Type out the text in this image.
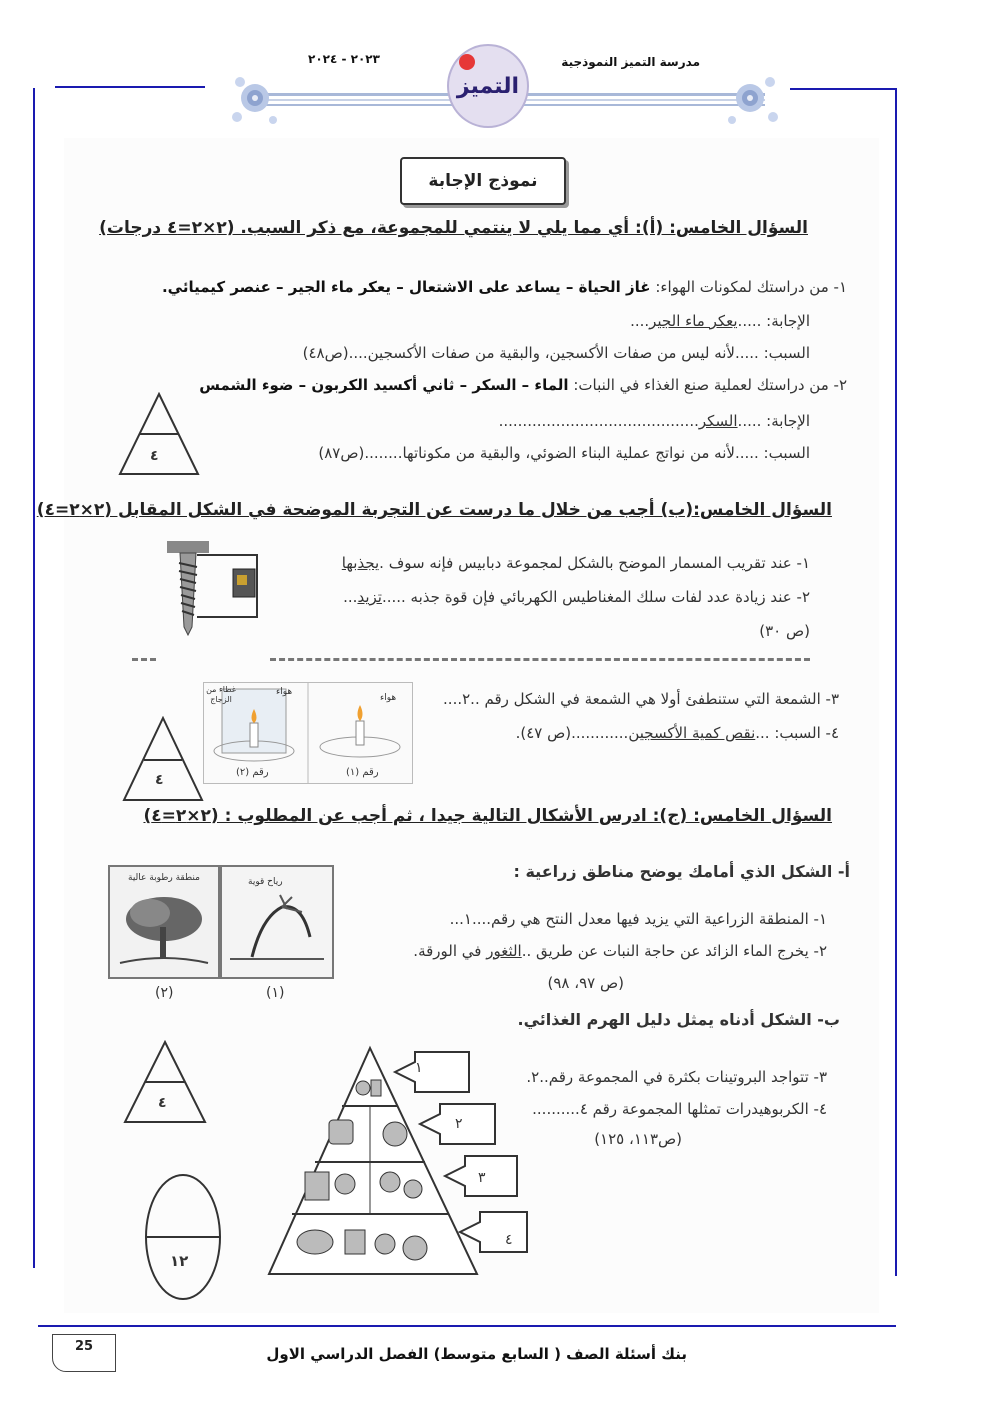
التميز
مدرسة التميز النموذجية
٢٠٢٣ - ٢٠٢٤
نموذج الإجابة
السؤال الخامس: (أ): أي مما يلي لا ينتمي للمجموعة، مع ذكر السبب. (٢×٢=٤ درجات)
١- من دراستك لمكونات الهواء: غاز الحياة – يساعد على الاشتعال – يعكر ماء الجير – عنصر كيميائي.
الإجابة: .....يعكر ماء الجير....
السبب: .....لأنه ليس من صفات الأكسجين، والبقية من صفات الأكسجين....(ص٤٨)
٢- من دراستك لعملية صنع الغذاء في النبات: الماء – السكر – ثاني أكسيد الكربون – ضوء الشمس
الإجابة: .....السكر..........................................
السبب: .....لأنه من نواتج عملية البناء الضوئي، والبقية من مكوناتها........(ص٨٧)
٤
السؤال الخامس:(ب) أجب من خلال ما درست عن التجربة الموضحة في الشكل المقابل (٢×٢=٤)
١- عند تقريب المسمار الموضح بالشكل لمجموعة دبابيس فإنه سوف .يجذبها
٢- عند زيادة عدد لفات سلك المغناطيس الكهربائي فإن قوة جذبه .....تزيد...
(ص ٣٠)
رقم (٢)	رقم (١)
هواء
هواء
غطاء من الزجاج	٣- الشمعة التي ستنطفئ أولا هي الشمعة في الشكل رقم ..٢....
٤- السبب: ...نقص كمية الأكسجين............(ص ٤٧).
٤
السؤال الخامس: (ج): ادرس الأشكال التالية جيدا ، ثم أجب عن المطلوب : (٢×٢=٤)
أ- الشكل الذي أمامك يوضح مناطق زراعية :
١- المنطقة الزراعية التي يزيد فيها معدل النتح هي رقم....١...
٢- يخرج الماء الزائد عن حاجة النبات عن طريق ..الثغور في الورقة.
(ص ٩٧، ٩٨)
منطقة رطوبة عالية	رياح قوية
(٢)	(١)
ب- الشكل أدناه يمثل دليل الهرم الغذائي.
١
٢
٣
٤
٣- تتواجد البروتينات بكثرة في المجموعة رقم..٢.
٤- الكربوهيدرات تمثلها المجموعة رقم ٤..........
(ص١١٣، ١٢٥)
٤
١٢
25	بنك أسئلة الصف ( السابع متوسط) الفصل الدراسي الاول
